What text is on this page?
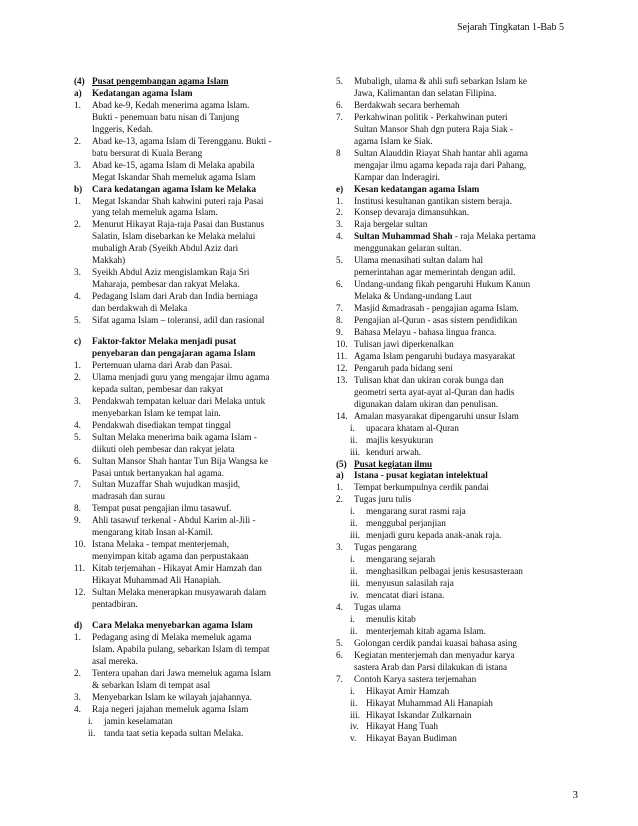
Sejarah Tingkatan 1-Bab 5
(4) Pusat pengembangan agama Islam
a) Kedatangan agama Islam
1. Abad ke-9, Kedah menerima agama Islam.
Bukti - penemuan batu nisan di Tanjung
Inggeris, Kedah.
2. Abad ke-13, agama Islam di Terengganu. Bukti -
batu bersurat di Kuala Berang
3. Abad ke-15, agama Islam di Melaka apabila
Megat Iskandar Shah memeluk agama Islam
b) Cara kedatangan agama Islam ke Melaka
1. Megat Iskandar Shah kahwini puteri raja Pasai
yang telah memeluk agama Islam.
2. Menurut Hikayat Raja-raja Pasai dan Bustanus
Salatin, Islam disebarkan ke Melaka melalui
mubaligh Arab (Syeikh Abdul Aziz dari
Makkah)
3. Syeikh Abdul Aziz mengislamkan Raja Sri
Maharaja, pembesar dan rakyat Melaka.
4. Pedagang Islam dari Arab dan India berniaga
dan berdakwah di Melaka
5. Sifat agama Islam – toleransi, adil dan rasional
c) Faktor-faktor Melaka menjadi pusat
penyebaran dan pengajaran agama Islam
1. Pertemuan ulama dari Arab dan Pasai.
2. Ulama menjadi guru yang mengajar ilmu agama
kepada sultan, pembesar dan rakyat
3. Pendakwah tempatan keluar dari Melaka untuk
menyebarkan Islam ke tempat lain.
4. Pendakwah disediakan tempat tinggal
5. Sultan Melaka menerima baik agama Islam -
diikuti oleh pembesar dan rakyat jelata
6. Sultan Mansor Shah hantar Tun Bija Wangsa ke
Pasai untuk bertanyakan hal agama.
7. Sultan Muzaffar Shah wujudkan masjid,
madrasah dan surau
8. Tempat pusat pengajian ilmu tasawuf.
9. Ahli tasawuf terkenal - Abdul Karim al-Jili -
mengarang kitab Insan al-Kamil.
10. Istana Melaka - tempat menterjemah,
menyimpan kitab agama dan perpustakaan
11. Kitab terjemahan - Hikayat Amir Hamzah dan
Hikayat Muhammad Ali Hanapiah.
12. Sultan Melaka menerapkan musyawarah dalam
pentadbiran.
d) Cara Melaka menyebarkan agama Islam
1. Pedagang asing di Melaka memeluk agama
Islam. Apabila pulang, sebarkan Islam di tempat
asal mereka.
2. Tentera upahan dari Jawa memeluk agama Islam
& sebarkan Islam di tempat asal
3. Menyebarkan Islam ke wilayah jajahannya.
4. Raja negeri jajahan memeluk agama Islam
i. jamin keselamatan
ii. tanda taat setia kepada sultan Melaka.
5. Mubaligh, ulama & ahli sufi sebarkan Islam ke
Jawa, Kalimantan dan selatan Filipina.
6. Berdakwah secara berhemah
7. Perkahwinan politik - Perkahwinan puteri
Sultan Mansor Shah dgn putera Raja Siak -
agama Islam ke Siak.
8 Sultan Alauddin Riayat Shah hantar ahli agama
mengajar ilmu agama kepada raja dari Pahang,
Kampar dan Inderagiri.
e) Kesan kedatangan agama Islam
1. Institusi kesultanan gantikan sistem beraja.
2. Konsep devaraja dimansuhkan.
3. Raja bergelar sultan
4. Sultan Muhammad Shah - raja Melaka pertama
menggunakan gelaran sultan.
5. Ulama menasihati sultan dalam hal
pemerintahan agar memerintah dengan adil.
6. Undang-undang fikah pengaruhi Hukum Kanun
Melaka & Undang-undang Laut
7. Masjid &madrasah - pengajian agama Islam.
8. Pengajian al-Quran - asas sistem pendidikan
9. Bahasa Melayu - bahasa lingua franca.
10. Tulisan jawi diperkenalkan
11. Agama Islam pengaruhi budaya masyarakat
12. Pengaruh pada bidang seni
13. Tulisan khat dan ukiran corak bunga dan
geometri serta ayat-ayat al-Quran dan hadis
digunakan dalam ukiran dan penulisan.
14. Amalan masyarakat dipengaruhi unsur Islam
i. upacara khatam al-Quran
ii. majlis kesyukuran
iii. kenduri arwah.
(5) Pusat kegiatan ilmu
a) Istana - pusat kegiatan intelektual
1. Tempat berkumpulnya cerdik pandai
2. Tugas juru tulis
i. mengarang surat rasmi raja
ii. menggubal perjanjian
iii. menjadi guru kepada anak-anak raja.
3. Tugas pengarang
i. mengarang sejarah
ii. menghasilkan pelbagai jenis kesusasteraan
iii. menyusun salasilah raja
iv. mencatat diari istana.
4. Tugas ulama
i. menulis kitab
ii. menterjemah kitab agama Islam.
5. Golongan cerdik pandai kuasai bahasa asing
6. Kegiatan menterjemah dan menyadur karya
sastera Arab dan Parsi dilakukan di istana
7. Contoh Karya sastera terjemahan
i. Hikayat Amir Hamzah
ii. Hikayat Muhammad Ali Hanapiah
iii. Hikayat Iskandar Zulkarnain
iv. Hikayat Hang Tuah
v. Hikayat Bayan Budiman
3
